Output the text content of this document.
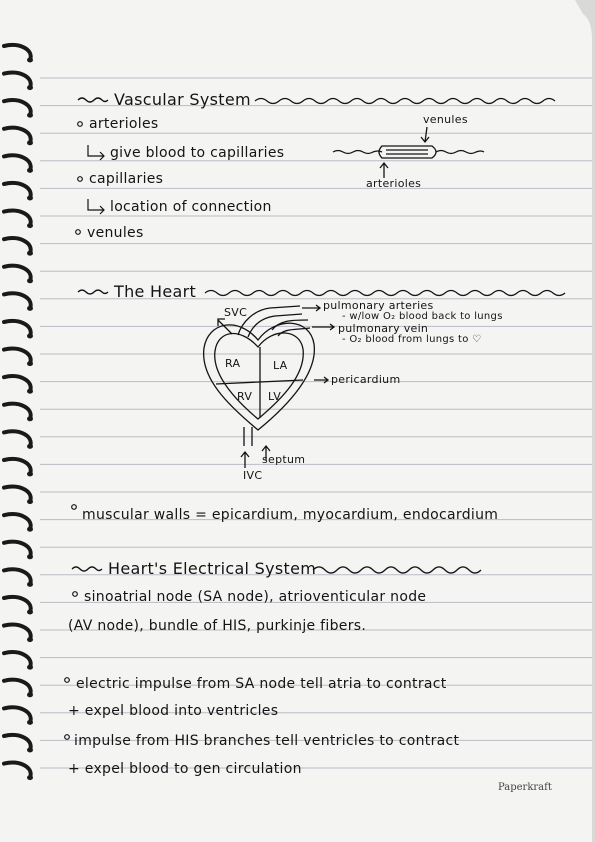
Vascular System
arterioles
give blood to capillaries
capillaries
location of connection
venules
venules
arterioles
The Heart
SVC
pulmonary arteries
- w/low O₂ blood back to lungs
pulmonary vein
- O₂ blood from lungs to ♡
pericardium
septum
IVC
RA	LA
RV LV
muscular walls = epicardium, myocardium, endocardium
Heart's Electrical System
sinoatrial node (SA node), atrioventicular node
(AV node), bundle of HIS, purkinje fibers.
electric impulse from SA node tell atria to contract
+ expel blood into ventricles
impulse from HIS branches tell ventricles to contract
+ expel blood to gen circulation
Paperkraft
